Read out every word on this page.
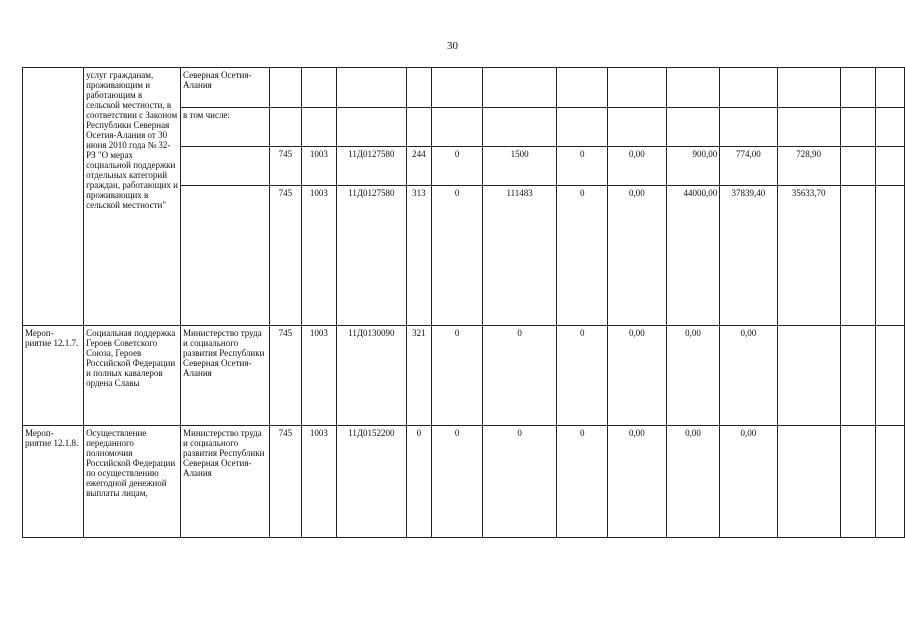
30
	услуг гражданам, проживающим и работающим в сельской местности, в соответствии с Законом Республики Северная Осетия-Алания от 30 июня 2010 года № 32-РЗ "О мерах социальной поддержки отдельных категорий граждан, работающих и проживающих в сельской местности"	Северная Осетия-Алания													
		в том числе:													
			745	1003	11Д0127580	244	0	1500	0	0,00	900,00	774,00	728,90		
			745	1003	11Д0127580	313	0	111483	0	0,00	44000,00	37839,40	35633,70		
Мероп- риятие 12.1.7.	Социальная поддержка Героев Советского Союза, Героев Российской Федерации и полных кавалеров ордена Славы	Министерство труда и социального развития Республики Северная Осетия-Алания	745	1003	11Д0130090	321	0	0	0	0,00	0,00	0,00			
Мероп- риятие 12.1.8.	Осуществление переданного полномочия Российской Федерации по осуществлению ежегодной денежной выплаты лицам,	Министерство труда и социального развития Республики Северная Осетия-Алания	745	1003	11Д0152200	0	0	0	0	0,00	0,00	0,00			
